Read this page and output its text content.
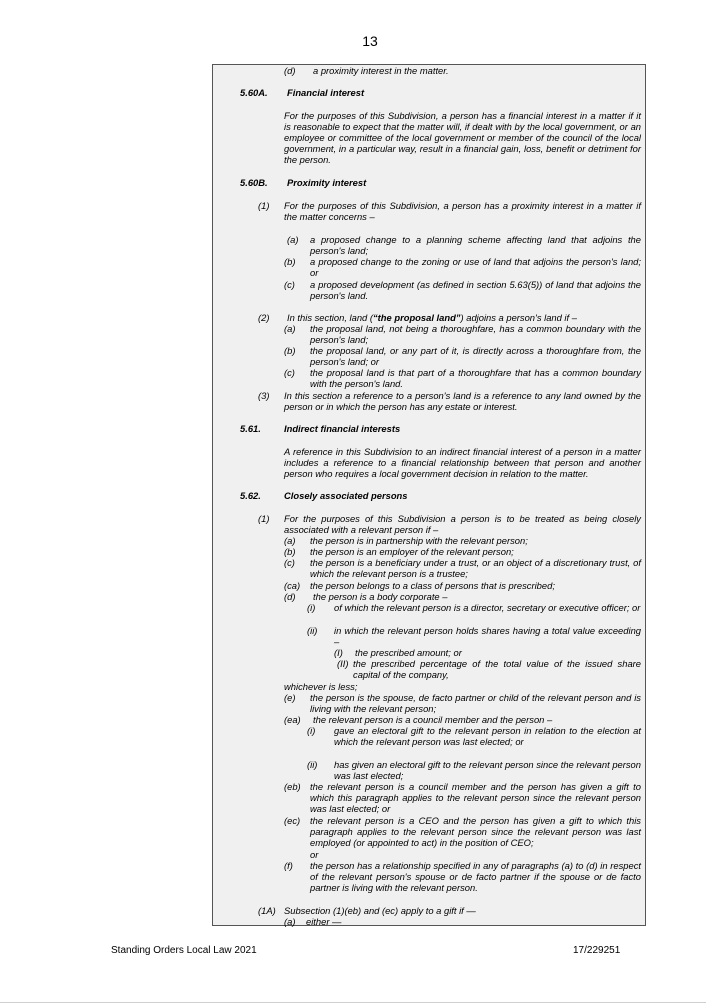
13
(d) a proximity interest in the matter.
5.60A. Financial interest
For the purposes of this Subdivision, a person has a financial interest in a matter if it is reasonable to expect that the matter will, if dealt with by the local government, or an employee or committee of the local government or member of the council of the local government, in a particular way, result in a financial gain, loss, benefit or detriment for the person.
5.60B. Proximity interest
(1) For the purposes of this Subdivision, a person has a proximity interest in a matter if the matter concerns –
(a) a proposed change to a planning scheme affecting land that adjoins the person's land;
(b) a proposed change to the zoning or use of land that adjoins the person's land; or
(c) a proposed development (as defined in section 5.63(5)) of land that adjoins the person's land.
(2) In this section, land (“the proposal land”) adjoins a person's land if –
(a) the proposal land, not being a thoroughfare, has a common boundary with the person's land;
(b) the proposal land, or any part of it, is directly across a thoroughfare from, the person's land; or
(c) the proposal land is that part of a thoroughfare that has a common boundary with the person's land.
(3) In this section a reference to a person's land is a reference to any land owned by the person or in which the person has any estate or interest.
5.61. Indirect financial interests
A reference in this Subdivision to an indirect financial interest of a person in a matter includes a reference to a financial relationship between that person and another person who requires a local government decision in relation to the matter.
5.62. Closely associated persons
(1) For the purposes of this Subdivision a person is to be treated as being closely associated with a relevant person if –
(a) the person is in partnership with the relevant person;
(b) the person is an employer of the relevant person;
(c) the person is a beneficiary under a trust, or an object of a discretionary trust, of which the relevant person is a trustee;
(ca) the person belongs to a class of persons that is prescribed;
(d) the person is a body corporate –
(i) of which the relevant person is a director, secretary or executive officer; or
(ii) in which the relevant person holds shares having a total value exceeding –
(I) the prescribed amount; or
(II) the prescribed percentage of the total value of the issued share capital of the company,
whichever is less;
(e) the person is the spouse, de facto partner or child of the relevant person and is living with the relevant person;
(ea) the relevant person is a council member and the person –
(i) gave an electoral gift to the relevant person in relation to the election at which the relevant person was last elected; or
(ii) has given an electoral gift to the relevant person since the relevant person was last elected;
(eb) the relevant person is a council member and the person has given a gift to which this paragraph applies to the relevant person since the relevant person was last elected; or
(ec) the relevant person is a CEO and the person has given a gift to which this paragraph applies to the relevant person since the relevant person was last employed (or appointed to act) in the position of CEO;
or
(f) the person has a relationship specified in any of paragraphs (a) to (d) in respect of the relevant person's spouse or de facto partner if the spouse or de facto partner is living with the relevant person.
(1A) Subsection (1)(eb) and (ec) apply to a gift if —
(a) either —
Standing Orders Local Law 2021	17/229251
